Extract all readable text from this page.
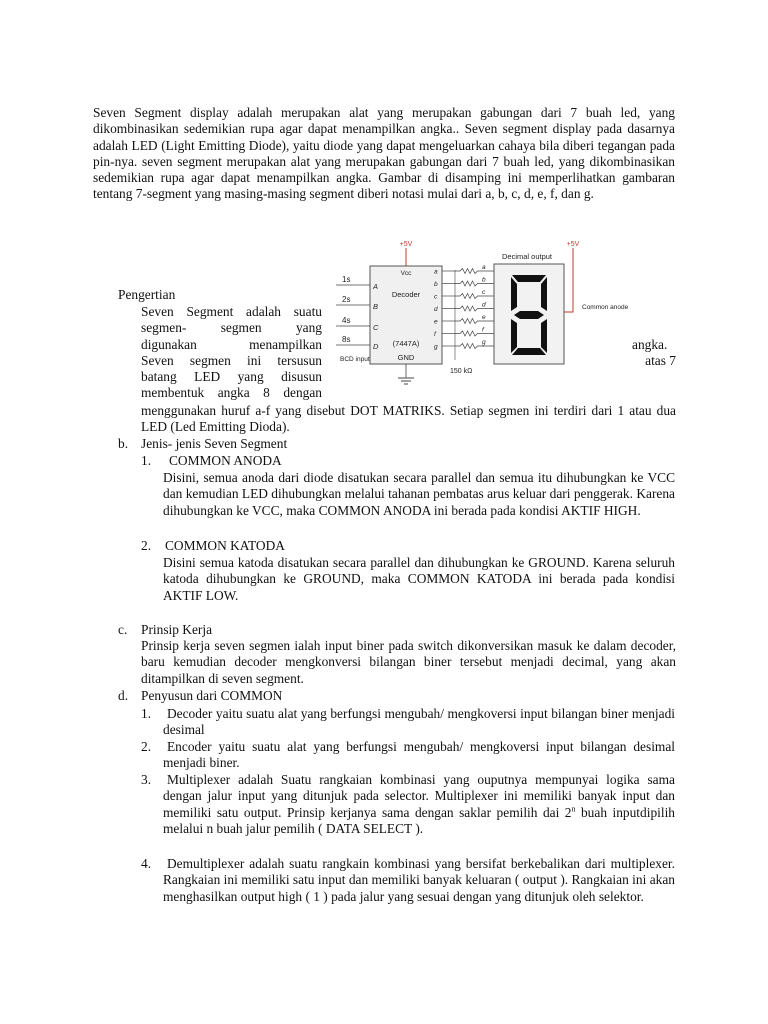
Seven Segment display adalah merupakan alat yang merupakan gabungan dari 7 buah led, yang dikombinasikan sedemikian rupa agar dapat menampilkan angka.. Seven segment display pada dasarnya adalah LED (Light Emitting Diode), yaitu diode yang dapat mengeluarkan cahaya bila diberi tegangan pada pin-nya. seven segment merupakan alat yang merupakan gabungan dari 7 buah led, yang dikombinasikan sedemikian rupa agar dapat menampilkan angka. Gambar di disamping ini memperlihatkan gambaran tentang 7-segment yang masing-masing segment diberi notasi mulai dari a, b, c, d, e, f, dan g.
+5V
Vcc
Decoder
(7447A)
GND
1s
2s
4s
8s
A
B
C
D
BCD input
a
a
b
b
c
c
d
d
e
e
f
f
g
g
150 kΩ
Decimal output
+5V
Common anode
Pengertian
Seven Segment adalah suatu
segmen- segmen yang
digunakan menampilkan
Seven segmen ini tersusun
batang LED yang disusun
membentuk angka 8 dengan
angka.
atas 7
menggunakan huruf a-f yang disebut DOT MATRIKS. Setiap segmen ini terdiri dari 1 atau dua LED (Led Emitting Dioda).
b. Jenis- jenis Seven Segment
1. COMMON ANODA
Disini, semua anoda dari diode disatukan secara parallel dan semua itu dihubungkan ke VCC dan kemudian LED dihubungkan melalui tahanan pembatas arus keluar dari penggerak. Karena dihubungkan ke VCC, maka COMMON ANODA ini berada pada kondisi AKTIF HIGH.
2. COMMON KATODA
Disini semua katoda disatukan secara parallel dan dihubungkan ke GROUND. Karena seluruh katoda dihubungkan ke GROUND, maka COMMON KATODA ini berada pada kondisi AKTIF LOW.
c. Prinsip Kerja
Prinsip kerja seven segmen ialah input biner pada switch dikonversikan masuk ke dalam decoder, baru kemudian decoder mengkonversi bilangan biner tersebut menjadi decimal, yang akan ditampilkan di seven segment.
d. Penyusun dari COMMON
1. Decoder yaitu suatu alat yang berfungsi mengubah/ mengkoversi input bilangan biner menjadi desimal
2. Encoder yaitu suatu alat yang berfungsi mengubah/ mengkoversi input bilangan desimal menjadi biner.
3. Multiplexer adalah Suatu rangkaian kombinasi yang ouputnya mempunyai logika sama dengan jalur input yang ditunjuk pada selector. Multiplexer ini memiliki banyak input dan memiliki satu output. Prinsip kerjanya sama dengan saklar pemilih dai 2$^n$ buah inputdipilih melalui n buah jalur pemilih ( DATA SELECT ).
4. Demultiplexer adalah suatu rangkain kombinasi yang bersifat berkebalikan dari multiplexer. Rangkaian ini memiliki satu input dan memiliki banyak keluaran ( output ). Rangkaian ini akan menghasilkan output high ( 1 ) pada jalur yang sesuai dengan yang ditunjuk oleh selektor.
